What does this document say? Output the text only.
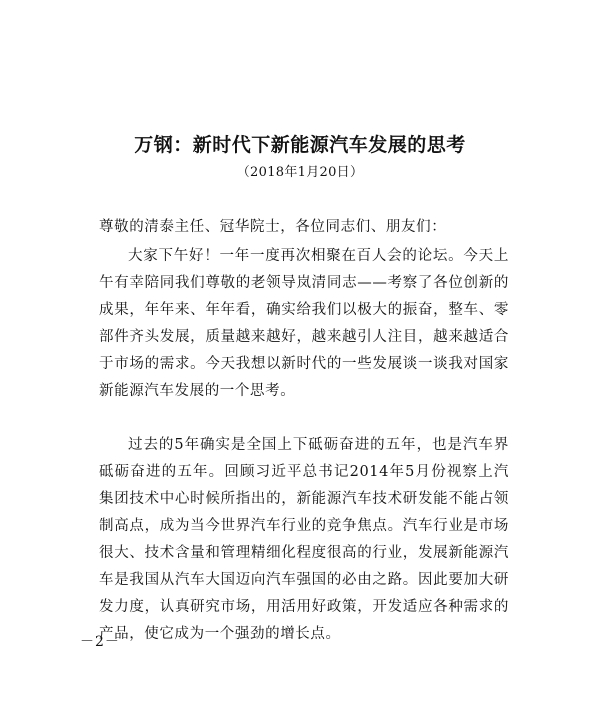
万钢：新时代下新能源汽车发展的思考
（2018年1月20日）
尊敬的清泰主任、冠华院士，各位同志们、朋友们：
大家下午好！一年一度再次相聚在百人会的论坛。今天上午有幸陪同我们尊敬的老领导岚清同志——考察了各位创新的成果，年年来、年年看，确实给我们以极大的振奋，整车、零部件齐头发展，质量越来越好，越来越引人注目，越来越适合于市场的需求。今天我想以新时代的一些发展谈一谈我对国家新能源汽车发展的一个思考。
过去的5年确实是全国上下砥砺奋进的五年，也是汽车界砥砺奋进的五年。回顾习近平总书记2014年5月份视察上汽集团技术中心时候所指出的，新能源汽车技术研发能不能占领制高点，成为当今世界汽车行业的竞争焦点。汽车行业是市场很大、技术含量和管理精细化程度很高的行业，发展新能源汽车是我国从汽车大国迈向汽车强国的必由之路。因此要加大研发力度，认真研究市场，用活用好政策，开发适应各种需求的产品，使它成为一个强劲的增长点。
－2－
